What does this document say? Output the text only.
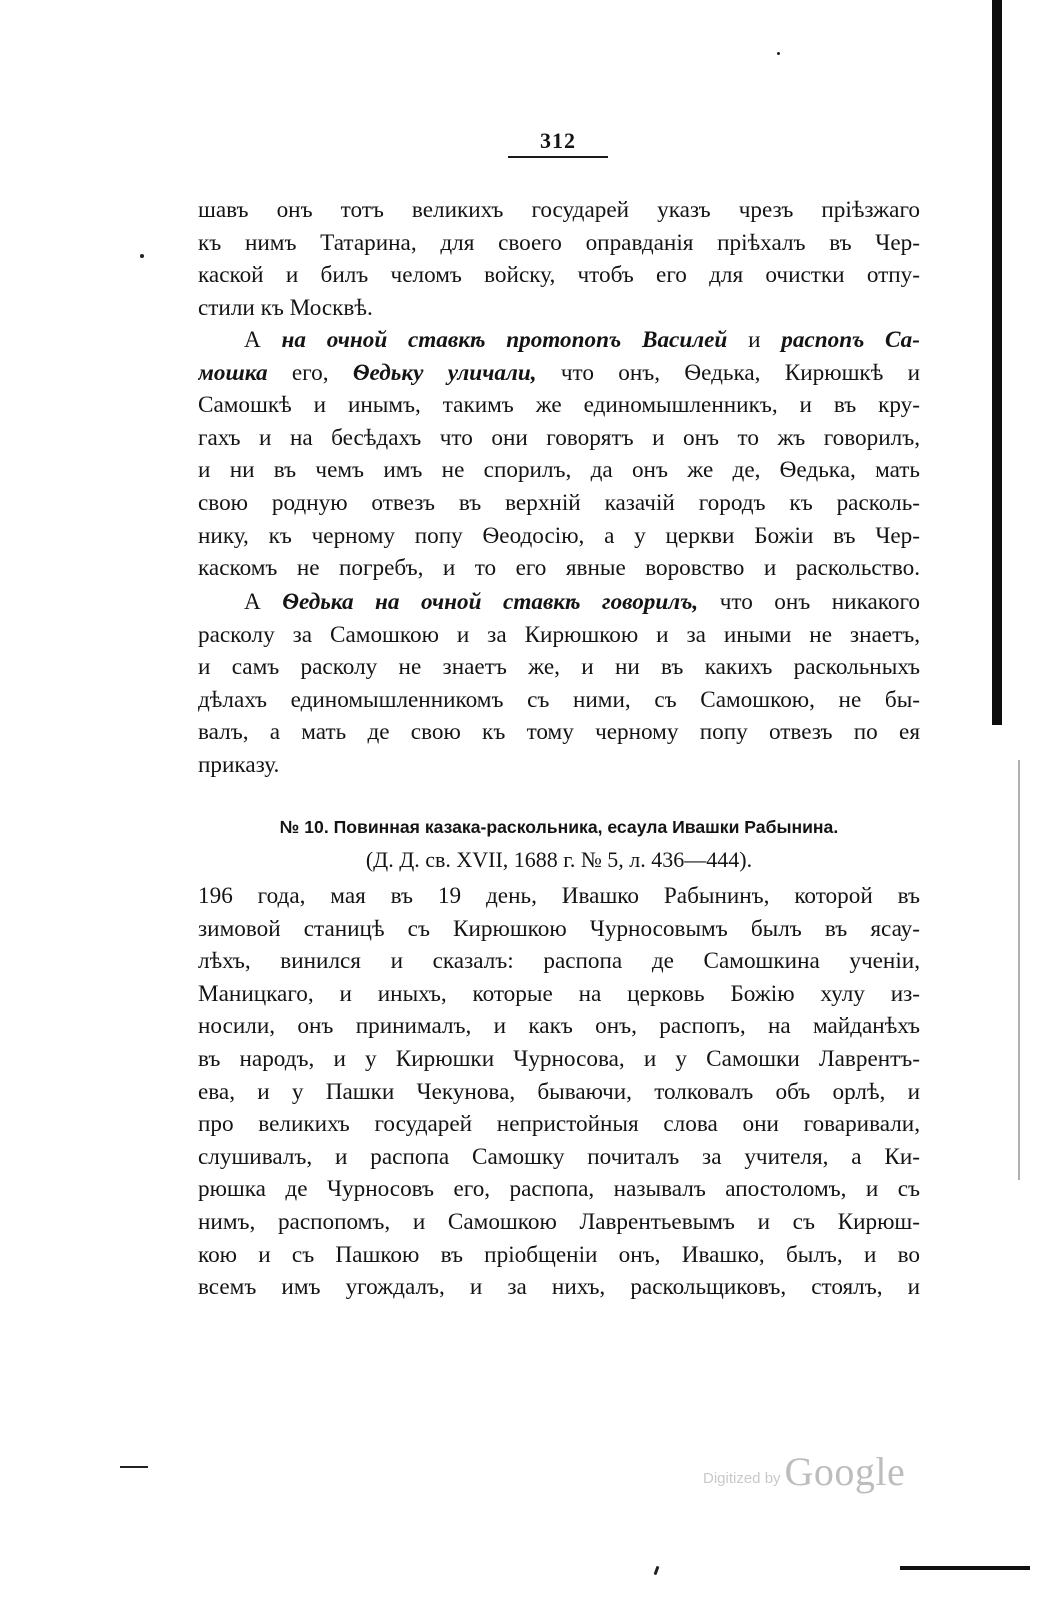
312
шавъ онъ тотъ великихъ государей указъ чрезъ пріѣзжаго
къ нимъ Татарина, для своего оправданія пріѣхалъ въ Чер-
каской и билъ челомъ войску, чтобъ его для очистки отпу-
стили къ Москвѣ.
А на очной ставкѣ протопопъ Василей и распопъ Са-
мошка его, Ѳедьку уличали, что онъ, Ѳедька, Кирюшкѣ и
Самошкѣ и инымъ, такимъ же единомышленникъ, и въ кру-
гахъ и на бесѣдахъ что они говорятъ и онъ то жъ говорилъ,
и ни въ чемъ имъ не спорилъ, да онъ же де, Ѳедька, мать
свою родную отвезъ въ верхній казачій городъ къ расколь-
нику, къ черному попу Ѳеодосію, а у церкви Божіи въ Чер-
каскомъ не погребъ, и то его явные воровство и раскольство.
А Ѳедька на очной ставкѣ говорилъ, что онъ никакого
расколу за Самошкою и за Кирюшкою и за иными не знаетъ,
и самъ расколу не знаетъ же, и ни въ какихъ раскольныхъ
дѣлахъ единомышленникомъ съ ними, съ Самошкою, не бы-
валъ, а мать де свою къ тому черному попу отвезъ по ея
приказу.
№ 10. Повинная казака-раскольника, есаула Ивашки Рабынина.
(Д. Д. св. XVII, 1688 г. № 5, л. 436—444).
196 года, мая въ 19 день, Ивашко Рабынинъ, которой въ
зимовой станицѣ съ Кирюшкою Чурносовымъ былъ въ ясау-
лѣхъ, винился и сказалъ: распопа де Самошкина ученіи,
Маницкаго, и иныхъ, которые на церковь Божію хулу из-
носили, онъ принималъ, и какъ онъ, распопъ, на майданѣхъ
въ народъ, и у Кирюшки Чурносова, и у Самошки Лаврентъ-
ева, и у Пашки Чекунова, бываючи, толковалъ объ орлѣ, и
про великихъ государей непристойныя слова они говаривали,
слушивалъ, и распопа Самошку почиталъ за учителя, а Ки-
рюшка де Чурносовъ его, распопа, называлъ апостоломъ, и съ
нимъ, распопомъ, и Самошкою Лаврентьевымъ и съ Кирюш-
кою и съ Пашкою въ пріобщеніи онъ, Ивашко, былъ, и во
всемъ имъ угождалъ, и за нихъ, раскольщиковъ, стоялъ, и
Digitized by Google
